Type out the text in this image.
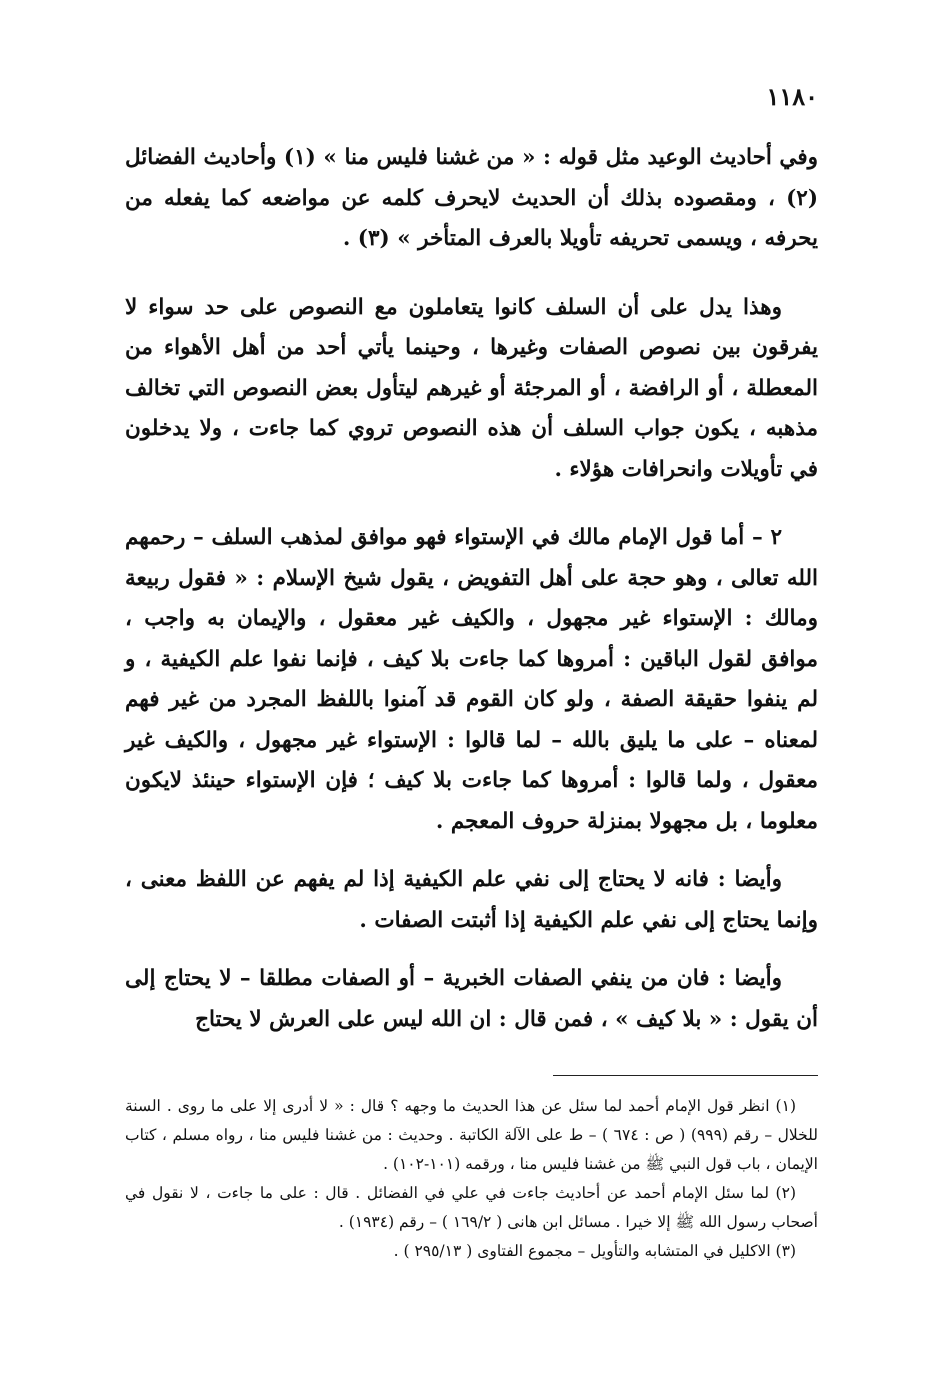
١١٨٠

وفي أحاديث الوعيد مثل قوله : « من غشنا فليس منا » (١) وأحاديث الفضائل (٢) ، ومقصوده بذلك أن الحديث لايحرف كلمه عن مواضعه كما يفعله من يحرفه ، ويسمى تحريفه تأويلا بالعرف المتأخر » (٣) .

وهذا يدل على أن السلف كانوا يتعاملون مع النصوص على حد سواء لا يفرقون بين نصوص الصفات وغيرها ، وحينما يأتي أحد من أهل الأهواء من المعطلة ، أو الرافضة ، أو المرجئة أو غيرهم ليتأول بعض النصوص التي تخالف مذهبه ، يكون جواب السلف أن هذه النصوص تروي كما جاءت ، ولا يدخلون في تأويلات وانحرافات هؤلاء .

٢ – أما قول الإمام مالك في الإستواء فهو موافق لمذهب السلف – رحمهم الله تعالى ، وهو حجة على أهل التفويض ، يقول شيخ الإسلام : « فقول ربيعة ومالك : الإستواء غير مجهول ، والكيف غير معقول ، والإيمان به واجب ، موافق لقول الباقين : أمروها كما جاءت بلا كيف ، فإنما نفوا علم الكيفية ، و لم ينفوا حقيقة الصفة ، ولو كان القوم قد آمنوا باللفظ المجرد من غير فهم لمعناه – على ما يليق بالله – لما قالوا : الإستواء غير مجهول ، والكيف غير معقول ، ولما قالوا : أمروها كما جاءت بلا كيف ؛ فإن الإستواء حينئذ لايكون معلوما ، بل مجهولا بمنزلة حروف المعجم .

وأيضا : فانه لا يحتاج إلى نفي علم الكيفية إذا لم يفهم عن اللفظ معنى ، وإنما يحتاج إلى نفي علم الكيفية إذا أثبتت الصفات .

وأيضا : فان من ينفي الصفات الخبرية – أو الصفات مطلقا – لا يحتاج إلى أن يقول : « بلا كيف » ، فمن قال : ان الله ليس على العرش لا يحتاج

(١) انظر قول الإمام أحمد لما سئل عن هذا الحديث ما وجهه ؟ قال : « لا أدرى إلا على ما روى . السنة للخلال – رقم (٩٩٩) ( ص : ٦٧٤ ) – ط على الآلة الكاتبة . وحديث : من غشنا فليس منا ، رواه مسلم ، كتاب الإيمان ، باب قول النبي ﷺ من غشنا فليس منا ، ورقمه (١٠١-١٠٢) .

(٢) لما سئل الإمام أحمد عن أحاديث جاءت في علي في الفضائل . قال : على ما جاءت ، لا نقول في أصحاب رسول الله ﷺ إلا خيرا . مسائل ابن هانى ( ١٦٩/٢ ) – رقم (١٩٣٤) .

(٣) الاكليل في المتشابه والتأويل – مجموع الفتاوى ( ٢٩٥/١٣ ) .
